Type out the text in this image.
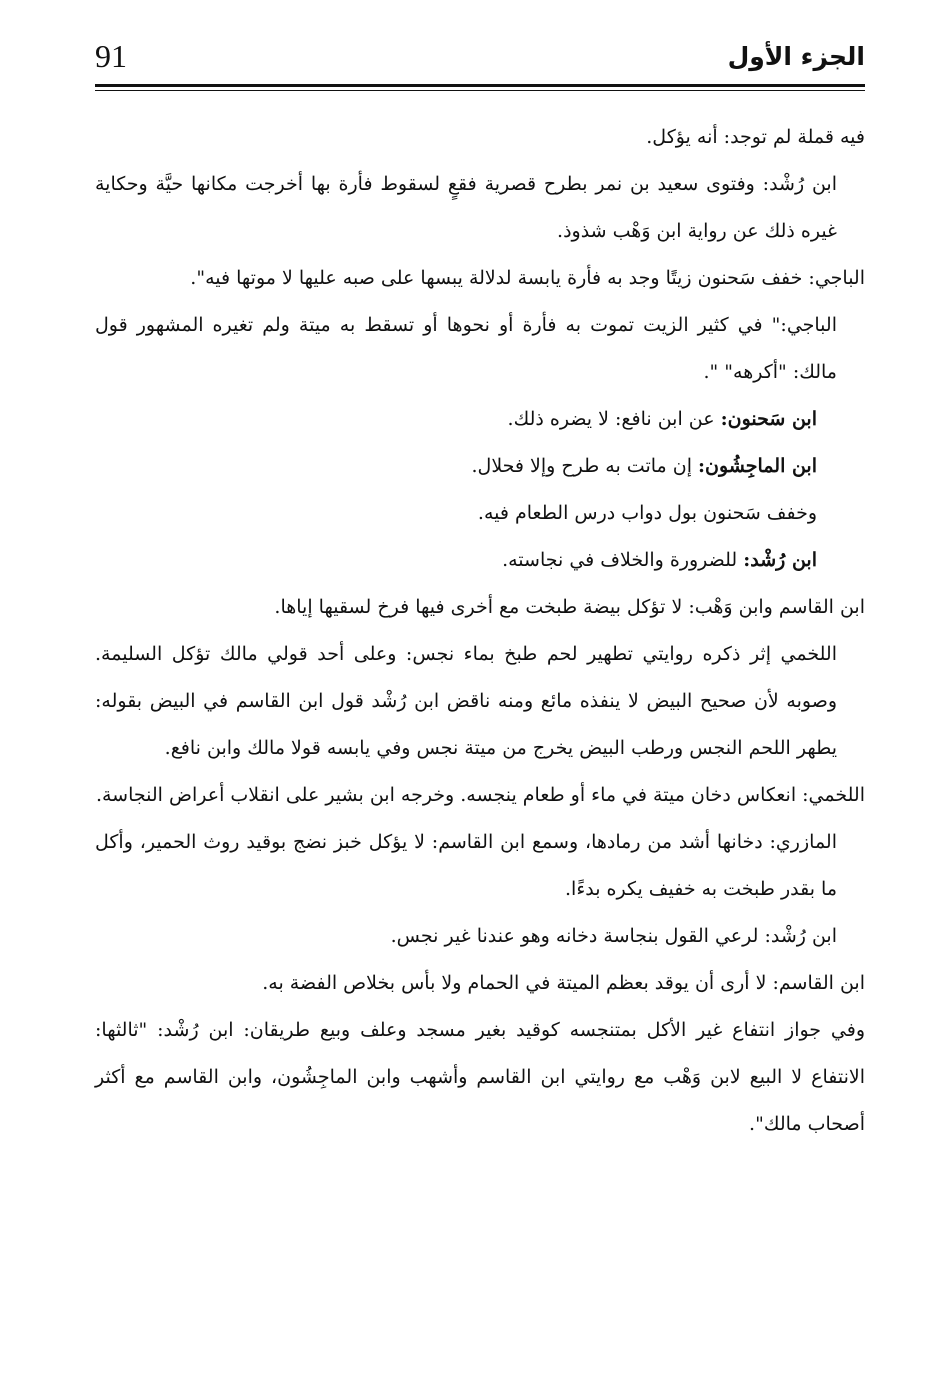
91	الجزء الأول

فيه قملة لم توجد: أنه يؤكل.

ابن رُشْد: وفتوى سعيد بن نمر بطرح قصرية فقعٍ لسقوط فأرة بها أخرجت مكانها حيَّة وحكاية غيره ذلك عن رواية ابن وَهْب شذوذ.

الباجي: خفف سَحنون زيتًا وجد به فأرة يابسة لدلالة يبسها على صبه عليها لا موتها فيه".

الباجي:" في كثير الزيت تموت به فأرة أو نحوها أو تسقط به ميتة ولم تغيره المشهور قول مالك: "أكرهه" ".

ابن سَحنون: عن ابن نافع: لا يضره ذلك.

ابن الماجِشُون: إن ماتت به طرح وإلا فحلال.

وخفف سَحنون بول دواب درس الطعام فيه.

ابن رُشْد: للضرورة والخلاف في نجاسته.

ابن القاسم وابن وَهْب: لا تؤكل بيضة طبخت مع أخرى فيها فرخ لسقيها إياها.

اللخمي إثر ذكره روايتي تطهير لحم طبخ بماء نجس: وعلى أحد قولي مالك تؤكل السليمة. وصوبه لأن صحيح البيض لا ينفذه مائع ومنه ناقض ابن رُشْد قول ابن القاسم في البيض بقوله: يطهر اللحم النجس ورطب البيض يخرج من ميتة نجس وفي يابسه قولا مالك وابن نافع.

اللخمي: انعكاس دخان ميتة في ماء أو طعام ينجسه. وخرجه ابن بشير على انقلاب أعراض النجاسة.

المازري: دخانها أشد من رمادها، وسمع ابن القاسم: لا يؤكل خبز نضج بوقيد روث الحمير، وأكل ما بقدر طبخت به خفيف يكره بدءًا.

ابن رُشْد: لرعي القول بنجاسة دخانه وهو عندنا غير نجس.

ابن القاسم: لا أرى أن يوقد بعظم الميتة في الحمام ولا بأس بخلاص الفضة به.

وفي جواز انتفاع غير الأكل بمتنجسه كوقيد بغير مسجد وعلف وبيع طريقان: ابن رُشْد: "ثالثها: الانتفاع لا البيع لابن وَهْب مع روايتي ابن القاسم وأشهب وابن الماجِشُون، وابن القاسم مع أكثر أصحاب مالك".
